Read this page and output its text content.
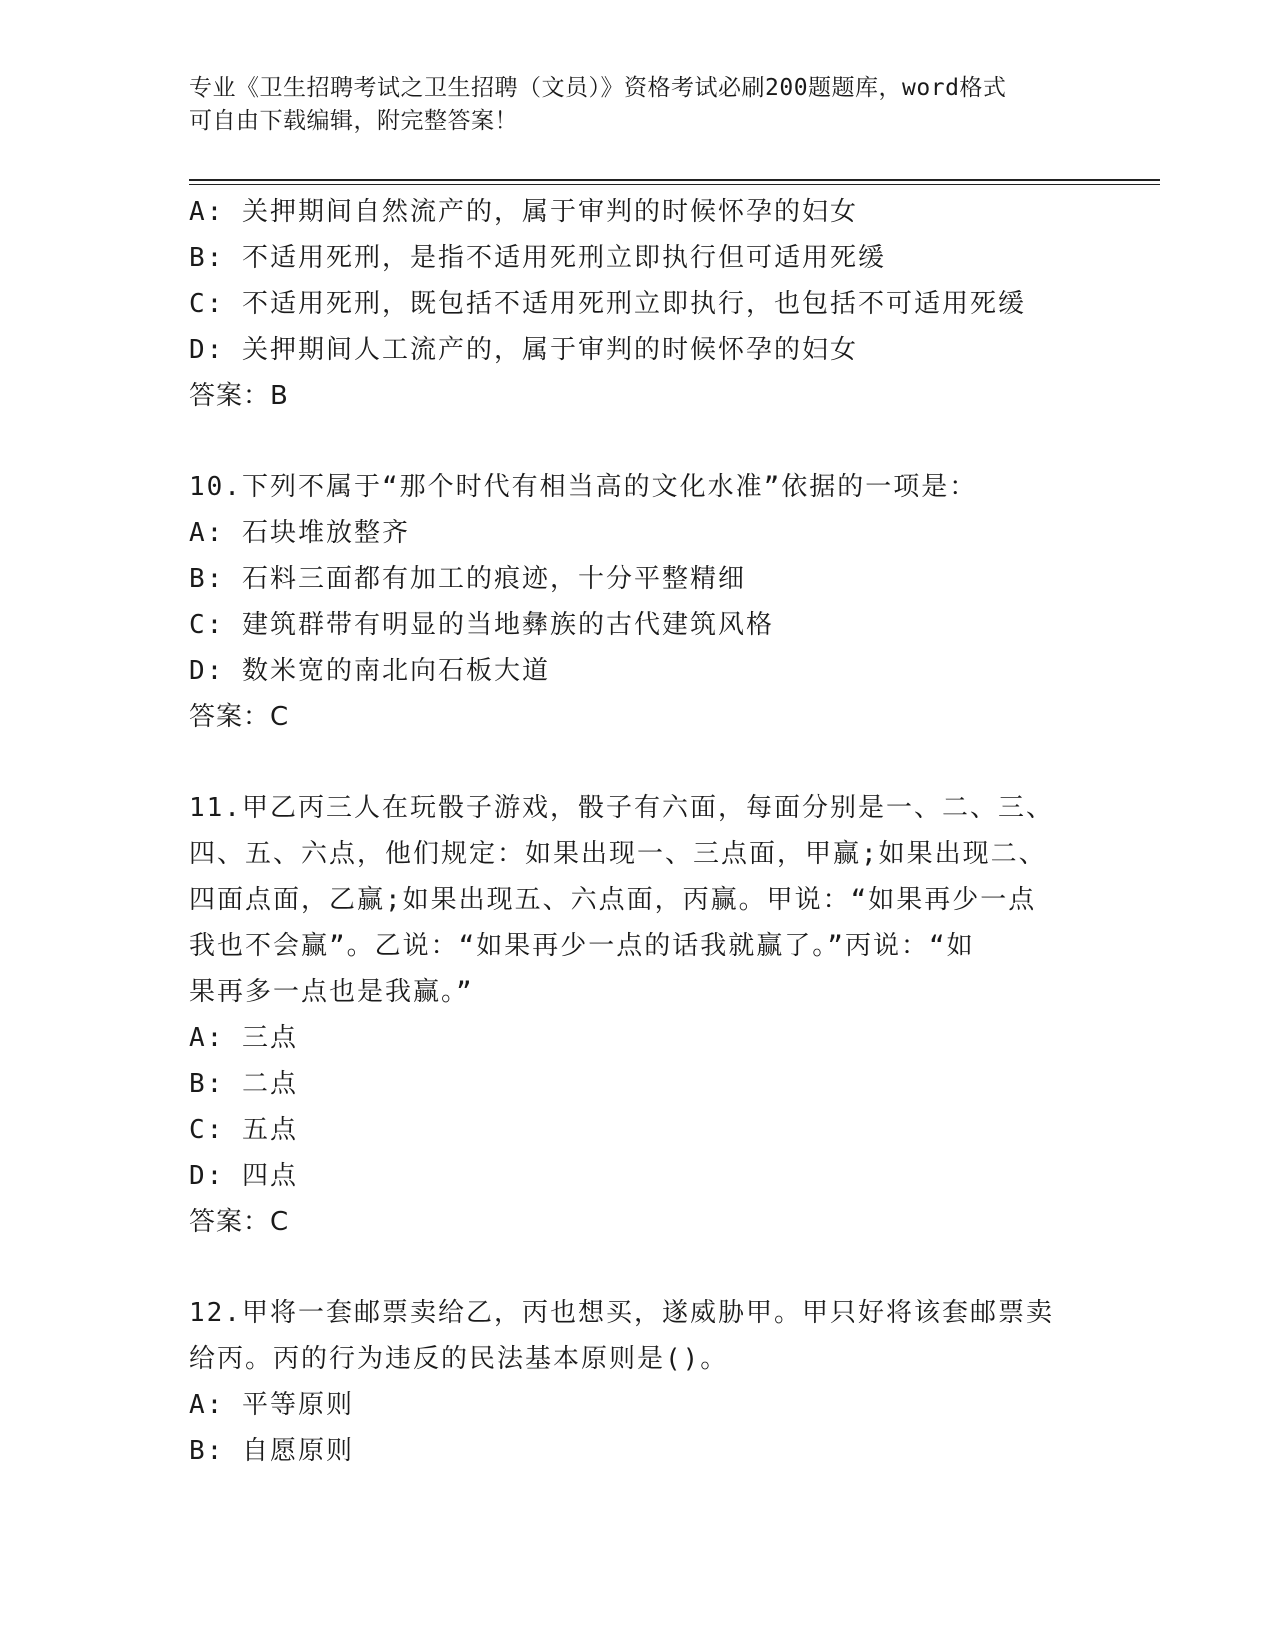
专业《卫生招聘考试之卫生招聘（文员）》资格考试必刷200题题库，word格式
可自由下载编辑，附完整答案！
A: 关押期间自然流产的，属于审判的时候怀孕的妇女
B: 不适用死刑，是指不适用死刑立即执行但可适用死缓
C: 不适用死刑，既包括不适用死刑立即执行，也包括不可适用死缓
D: 关押期间人工流产的，属于审判的时候怀孕的妇女
答案：B
10.下列不属于“那个时代有相当高的文化水准”依据的一项是：
A: 石块堆放整齐
B: 石料三面都有加工的痕迹，十分平整精细
C: 建筑群带有明显的当地彝族的古代建筑风格
D: 数米宽的南北向石板大道
答案：C
11.甲乙丙三人在玩骰子游戏，骰子有六面，每面分别是一、二、三、
四、五、六点，他们规定：如果出现一、三点面，甲赢;如果出现二、
四面点面，乙赢;如果出现五、六点面，丙赢。甲说：“如果再少一点
我也不会赢”。乙说：“如果再少一点的话我就赢了。”丙说：“如
果再多一点也是我赢。”
A: 三点
B: 二点
C: 五点
D: 四点
答案：C
12.甲将一套邮票卖给乙，丙也想买，遂威胁甲。甲只好将该套邮票卖
给丙。丙的行为违反的民法基本原则是()。
A: 平等原则
B: 自愿原则
